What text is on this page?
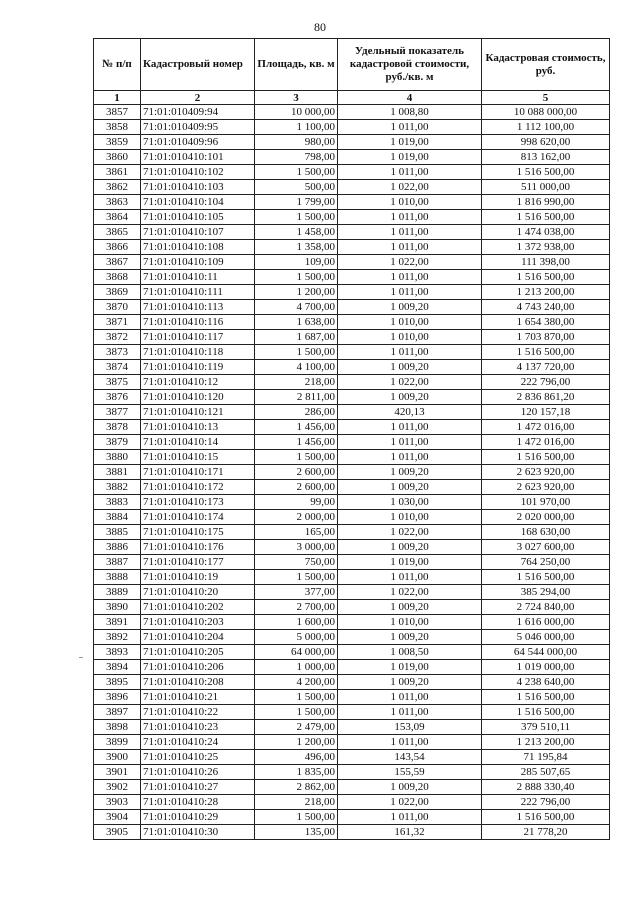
80
№ п/п	Кадастровый номер	Площадь, кв. м	Удельный показатель кадастровой стоимости, руб./кв. м	Кадастровая стоимость, руб.
1	2	3	4	5
3857	71:01:010409:94	10 000,00	1 008,80	10 088 000,00
3858	71:01:010409:95	1 100,00	1 011,00	1 112 100,00
3859	71:01:010409:96	980,00	1 019,00	998 620,00
3860	71:01:010410:101	798,00	1 019,00	813 162,00
3861	71:01:010410:102	1 500,00	1 011,00	1 516 500,00
3862	71:01:010410:103	500,00	1 022,00	511 000,00
3863	71:01:010410:104	1 799,00	1 010,00	1 816 990,00
3864	71:01:010410:105	1 500,00	1 011,00	1 516 500,00
3865	71:01:010410:107	1 458,00	1 011,00	1 474 038,00
3866	71:01:010410:108	1 358,00	1 011,00	1 372 938,00
3867	71:01:010410:109	109,00	1 022,00	111 398,00
3868	71:01:010410:11	1 500,00	1 011,00	1 516 500,00
3869	71:01:010410:111	1 200,00	1 011,00	1 213 200,00
3870	71:01:010410:113	4 700,00	1 009,20	4 743 240,00
3871	71:01:010410:116	1 638,00	1 010,00	1 654 380,00
3872	71:01:010410:117	1 687,00	1 010,00	1 703 870,00
3873	71:01:010410:118	1 500,00	1 011,00	1 516 500,00
3874	71:01:010410:119	4 100,00	1 009,20	4 137 720,00
3875	71:01:010410:12	218,00	1 022,00	222 796,00
3876	71:01:010410:120	2 811,00	1 009,20	2 836 861,20
3877	71:01:010410:121	286,00	420,13	120 157,18
3878	71:01:010410:13	1 456,00	1 011,00	1 472 016,00
3879	71:01:010410:14	1 456,00	1 011,00	1 472 016,00
3880	71:01:010410:15	1 500,00	1 011,00	1 516 500,00
3881	71:01:010410:171	2 600,00	1 009,20	2 623 920,00
3882	71:01:010410:172	2 600,00	1 009,20	2 623 920,00
3883	71:01:010410:173	99,00	1 030,00	101 970,00
3884	71:01:010410:174	2 000,00	1 010,00	2 020 000,00
3885	71:01:010410:175	165,00	1 022,00	168 630,00
3886	71:01:010410:176	3 000,00	1 009,20	3 027 600,00
3887	71:01:010410:177	750,00	1 019,00	764 250,00
3888	71:01:010410:19	1 500,00	1 011,00	1 516 500,00
3889	71:01:010410:20	377,00	1 022,00	385 294,00
3890	71:01:010410:202	2 700,00	1 009,20	2 724 840,00
3891	71:01:010410:203	1 600,00	1 010,00	1 616 000,00
3892	71:01:010410:204	5 000,00	1 009,20	5 046 000,00
3893	71:01:010410:205	64 000,00	1 008,50	64 544 000,00
3894	71:01:010410:206	1 000,00	1 019,00	1 019 000,00
3895	71:01:010410:208	4 200,00	1 009,20	4 238 640,00
3896	71:01:010410:21	1 500,00	1 011,00	1 516 500,00
3897	71:01:010410:22	1 500,00	1 011,00	1 516 500,00
3898	71:01:010410:23	2 479,00	153,09	379 510,11
3899	71:01:010410:24	1 200,00	1 011,00	1 213 200,00
3900	71:01:010410:25	496,00	143,54	71 195,84
3901	71:01:010410:26	1 835,00	155,59	285 507,65
3902	71:01:010410:27	2 862,00	1 009,20	2 888 330,40
3903	71:01:010410:28	218,00	1 022,00	222 796,00
3904	71:01:010410:29	1 500,00	1 011,00	1 516 500,00
3905	71:01:010410:30	135,00	161,32	21 778,20
